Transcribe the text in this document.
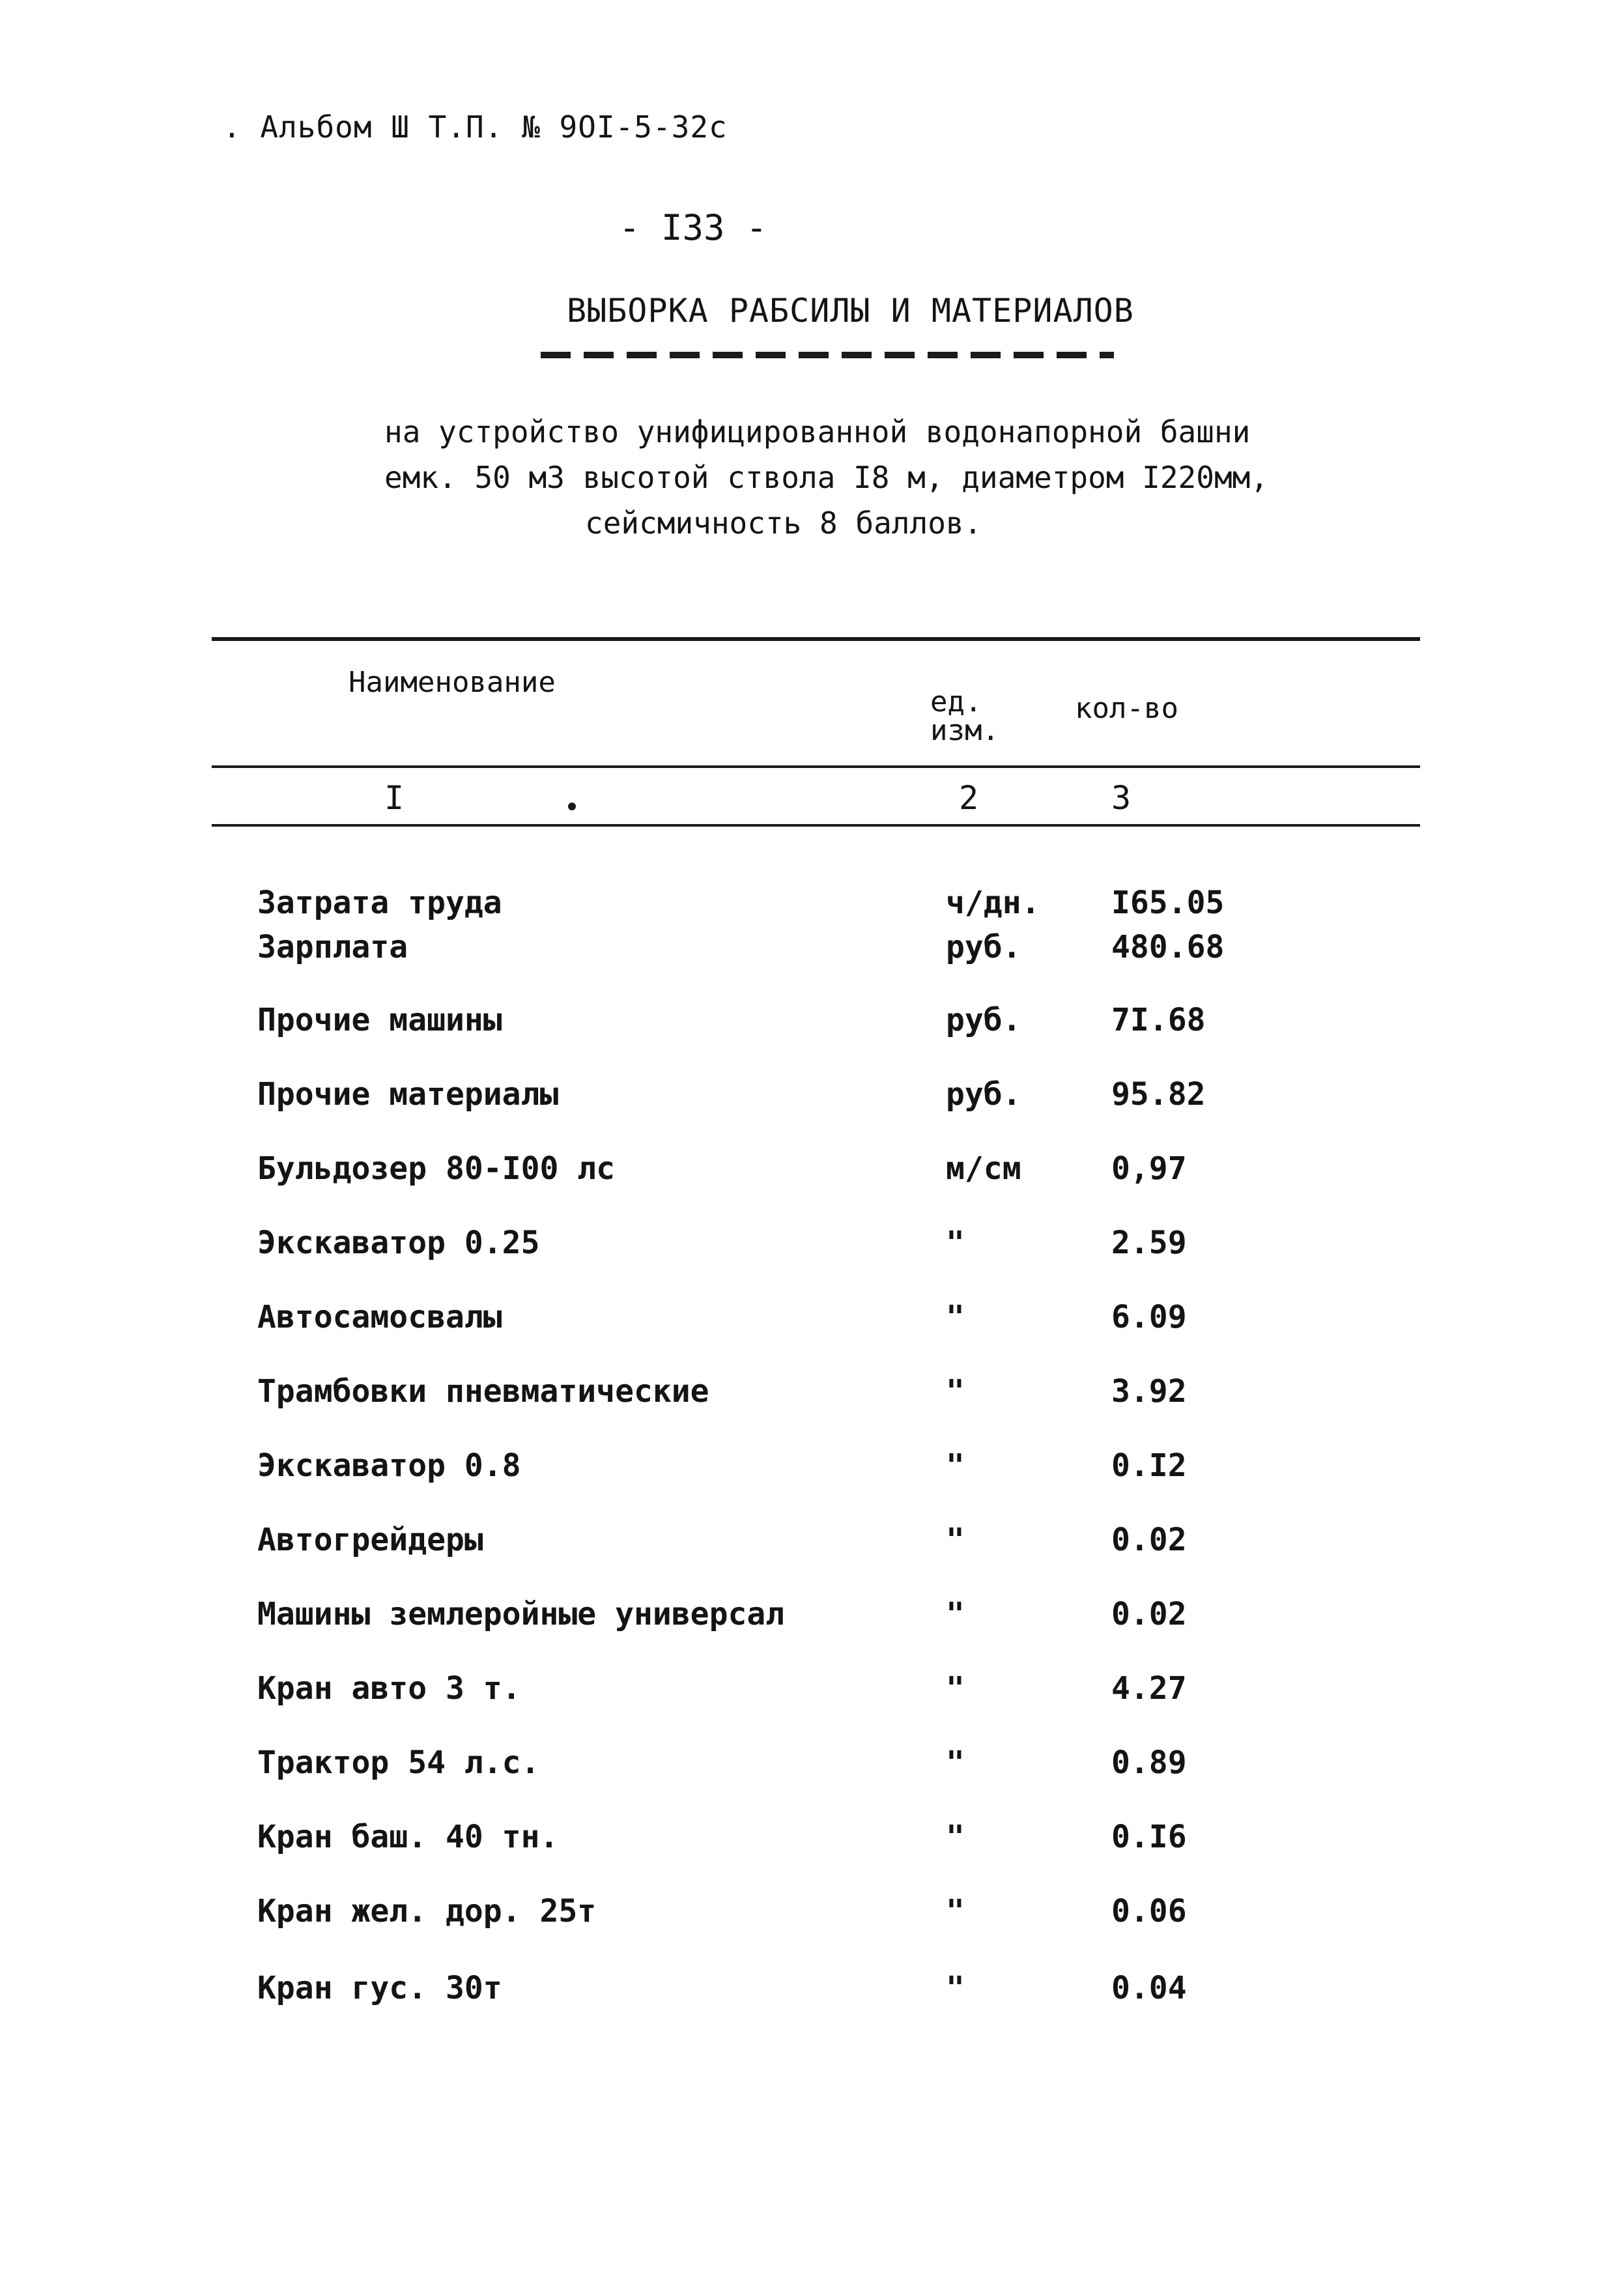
. Альбом Ш Т.П. № 9ОI-5-32с
- I33 -
ВЫБОРКА РАБСИЛЫ И МАТЕРИАЛОВ
на устройство унифицированной водонапорной башни
емк. 50 м3 высотой ствола I8 м, диаметром I220мм,
сейсмичность 8 баллов.
Наименование
ед.
изм.
кол-во
I	2	3
Затрата труда	ч/дн. I65.05
Зарплата	руб.	480.68
Прочие машины	руб.	7I.68
Прочие материалы	руб.	95.82
Бульдозер 80-I00 лс	м/см	0,97
Экскаватор 0.25	"	2.59
Автосамосвалы	"	6.09
Трамбовки пневматические	"	3.92
Экскаватор 0.8	"	0.I2
Автогрейдеры	"	0.02
Машины землеройные универсал	"	0.02
Кран авто 3 т.	"	4.27
Трактор 54 л.с.	"	0.89
Кран баш. 40 тн.	"	0.I6
Кран жел. дор. 25т	"	0.06
Кран гус. 30т	"	0.04
